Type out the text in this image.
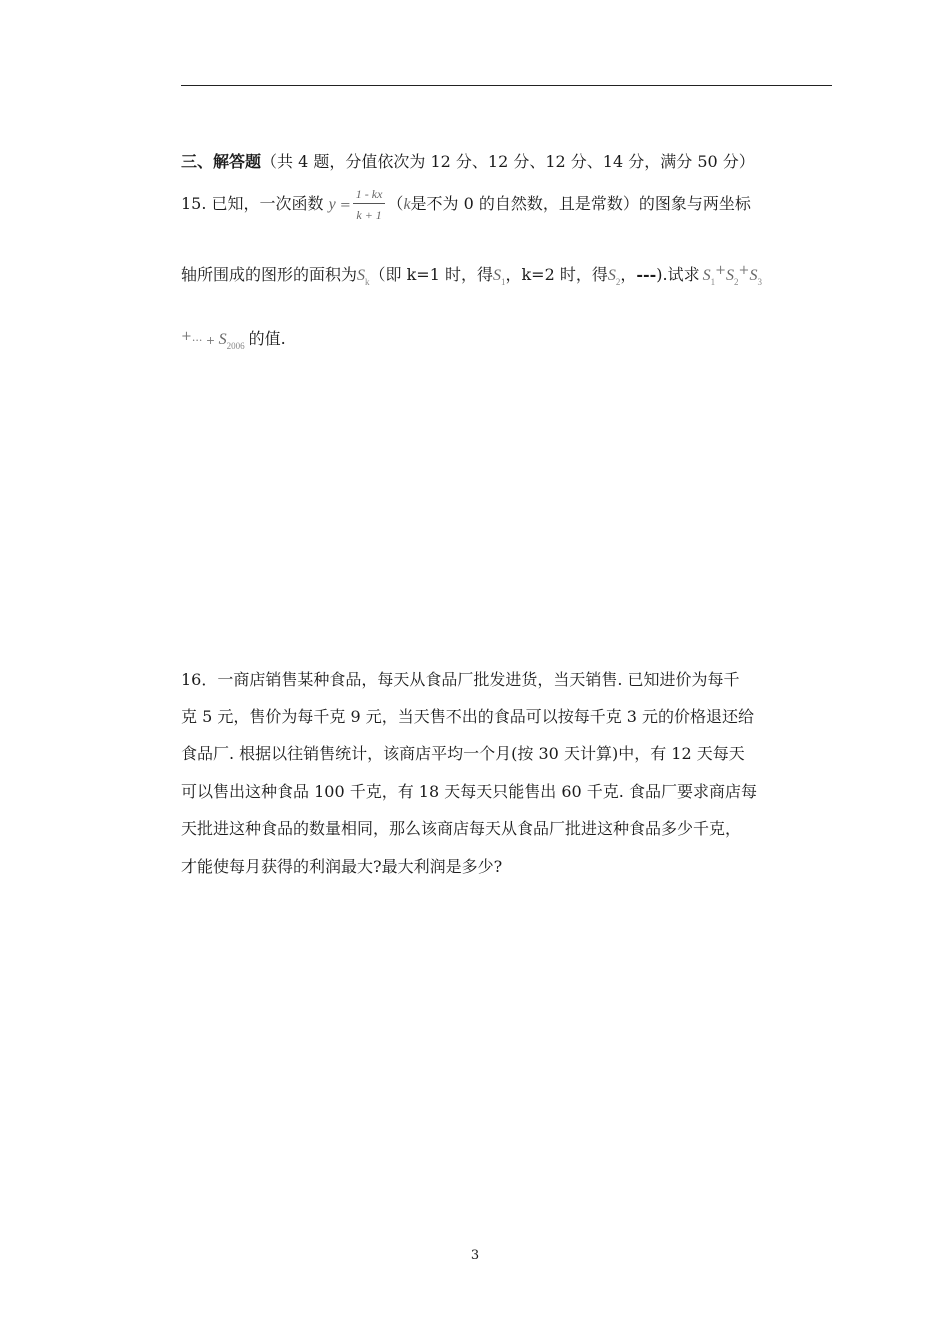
三、解答题（共 4 题，分值依次为 12 分、12 分、12 分、14 分，满分 50 分）
15. 已知，一次函数 $y = \frac{1 - kx}{k + 1} (k$是不为 0 的自然数，且是常数）的图象与两坐标
轴所围成的图形的面积为$S_k$（即 k=1 时，得$S_1$，k=2 时，得$S_2$，---).试求 $S_1^+S_2^+S_3$
$^+\cdot\cdot\cdot + S_{2006}$ 的值.
16．一商店销售某种食品，每天从食品厂批发进货，当天销售. 已知进价为每千
克 5 元，售价为每千克 9 元，当天售不出的食品可以按每千克 3 元的价格退还给
食品厂. 根据以往销售统计，该商店平均一个月(按 30 天计算)中，有 12 天每天
可以售出这种食品 100 千克，有 18 天每天只能售出 60 千克. 食品厂要求商店每
天批进这种食品的数量相同，那么该商店每天从食品厂批进这种食品多少千克，
才能使每月获得的利润最大?最大利润是多少?
3
